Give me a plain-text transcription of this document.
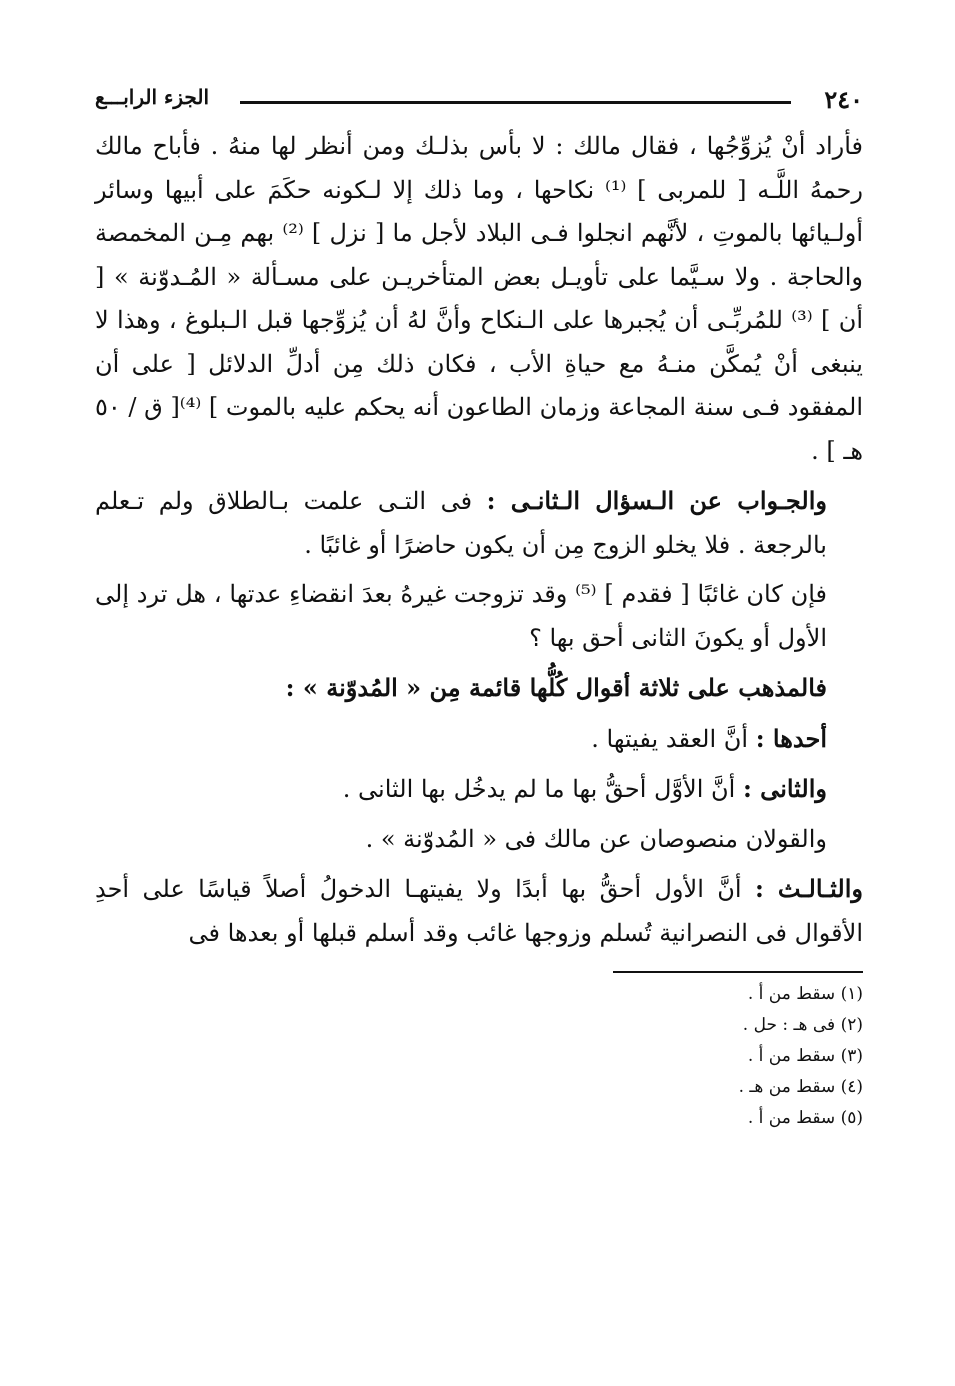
٢٤٠
الجزء الرابـــع

فأراد أنْ يُزوِّجُها ، فقال مالك : لا بأس بذلـك ومن أنظر لها منهُ . فأباح مالك رحمهُ اللَّـه [ للمربى ] ⁽¹⁾ نكاحها ، وما ذلك إلا لـكونه حكَمَ على أبيها وسائر أولـيائها بالموتِ ، لأنَّهم انجلوا فـى البلاد لأجل ما [ نزل ] ⁽²⁾ بهم مِـن المخمصة والحاجة . ولا سـيَّما على تأويـل بعض المتأخريـن على مسـألة « المُـدوّنة » [ أن ] ⁽³⁾ للمُربِّـى أن يُجبرها على الـنكاح وأنَّ لهُ أن يُزوِّجها قبل الـبلوغ ، وهذا لا ينبغى أنْ يُمكَّن منـهُ مع حياةِ الأب ، فكان ذلك مِن أدلِّ الدلائل [ على أن المفقود فـى سنة المجاعة وزمان الطاعون أنه يحكم عليه بالموت ] ⁽⁴⁾[ ق / ٥٠ هـ ] .

والجـواب عن الـسؤال الـثانـى : فى التـى علمت بـالطلاق ولم تـعلم بالرجعة . فلا يخلو الزوج مِن أن يكون حاضرًا أو غائبًا .

فإن كان غائبًا [ فقدم ] ⁽⁵⁾ وقد تزوجت غيرهُ بعدَ انقضاءِ عدتها ، هل ترد إلى الأول أو يكونَ الثانى أحق بها ؟

فالمذهب على ثلاثة أقوال كُلُّها قائمة مِن « المُدوّنة » :

أحدها : أنَّ العقد يفيتها .

والثانى : أنَّ الأوَّل أحقُّ بها ما لم يدخُل بها الثانى .

والقولان منصوصان عن مالك فى « المُدوّنة » .

والثـالـث : أنَّ الأول أحقُّ بها أبدًا ولا يفيتهـا الدخولُ أصلاً قياسًا على أحدِ الأقوال فى النصرانية تُسلم وزوجها غائب وقد أسلم قبلها أو بعدها فى

(١) سقط من أ .

(٢) فى هـ : حل .

(٣) سقط من أ .

(٤) سقط من هـ .

(٥) سقط من أ .
